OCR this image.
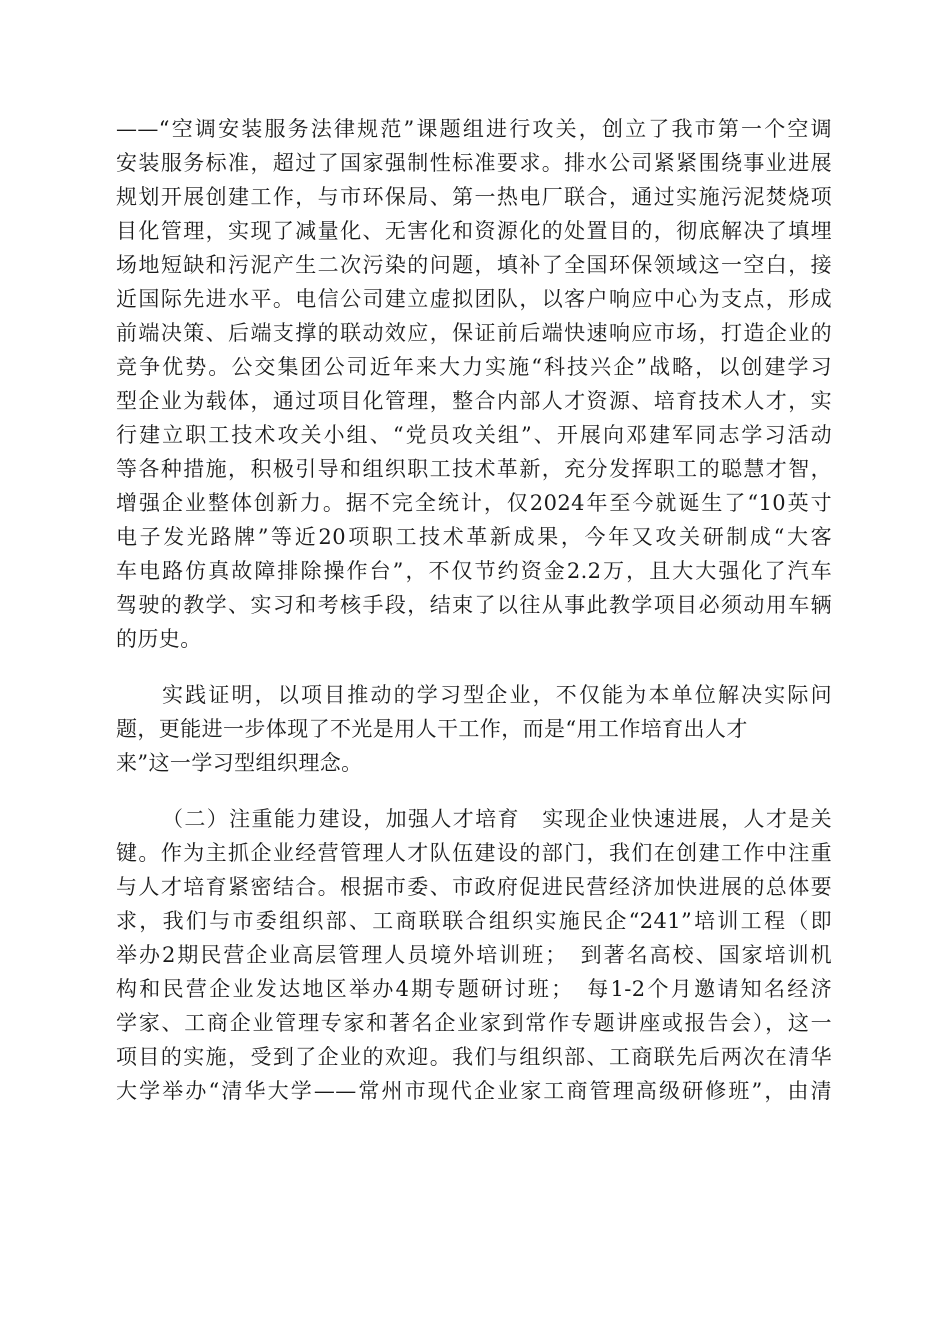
——“空调安装服务法律规范”课题组进行攻关，创立了我市第一个空调
安装服务标准，超过了国家强制性标准要求。排水公司紧紧围绕事业进展
规划开展创建工作，与市环保局、第一热电厂联合，通过实施污泥焚烧项
目化管理，实现了减量化、无害化和资源化的处置目的，彻底解决了填埋
场地短缺和污泥产生二次污染的问题，填补了全国环保领域这一空白，接
近国际先进水平。电信公司建立虚拟团队，以客户响应中心为支点，形成
前端决策、后端支撑的联动效应，保证前后端快速响应市场，打造企业的
竞争优势。公交集团公司近年来大力实施“科技兴企”战略，以创建学习
型企业为载体，通过项目化管理，整合内部人才资源、培育技术人才，实
行建立职工技术攻关小组、“党员攻关组”、开展向邓建军同志学习活动
等各种措施，积极引导和组织职工技术革新，充分发挥职工的聪慧才智，
增强企业整体创新力。据不完全统计，仅2024年至今就诞生了“10英寸
电子发光路牌”等近20项职工技术革新成果，今年又攻关研制成“大客
车电路仿真故障排除操作台”，不仅节约资金2.2万，且大大强化了汽车
驾驶的教学、实习和考核手段，结束了以往从事此教学项目必须动用车辆
的历史。
实践证明，以项目推动的学习型企业，不仅能为本单位解决实际问
题，更能进一步体现了不光是用人干工作，而是“用工作培育出人才
来”这一学习型组织理念。
（二）注重能力建设，加强人才培育　实现企业快速进展，人才是关
键。作为主抓企业经营管理人才队伍建设的部门，我们在创建工作中注重
与人才培育紧密结合。根据市委、市政府促进民营经济加快进展的总体要
求，我们与市委组织部、工商联联合组织实施民企“241”培训工程（即
举办2期民营企业高层管理人员境外培训班；　到著名高校、国家培训机
构和民营企业发达地区举办4期专题研讨班；　每1-2个月邀请知名经济
学家、工商企业管理专家和著名企业家到常作专题讲座或报告会），这一
项目的实施，受到了企业的欢迎。我们与组织部、工商联先后两次在清华
大学举办“清华大学——常州市现代企业家工商管理高级研修班”，由清
